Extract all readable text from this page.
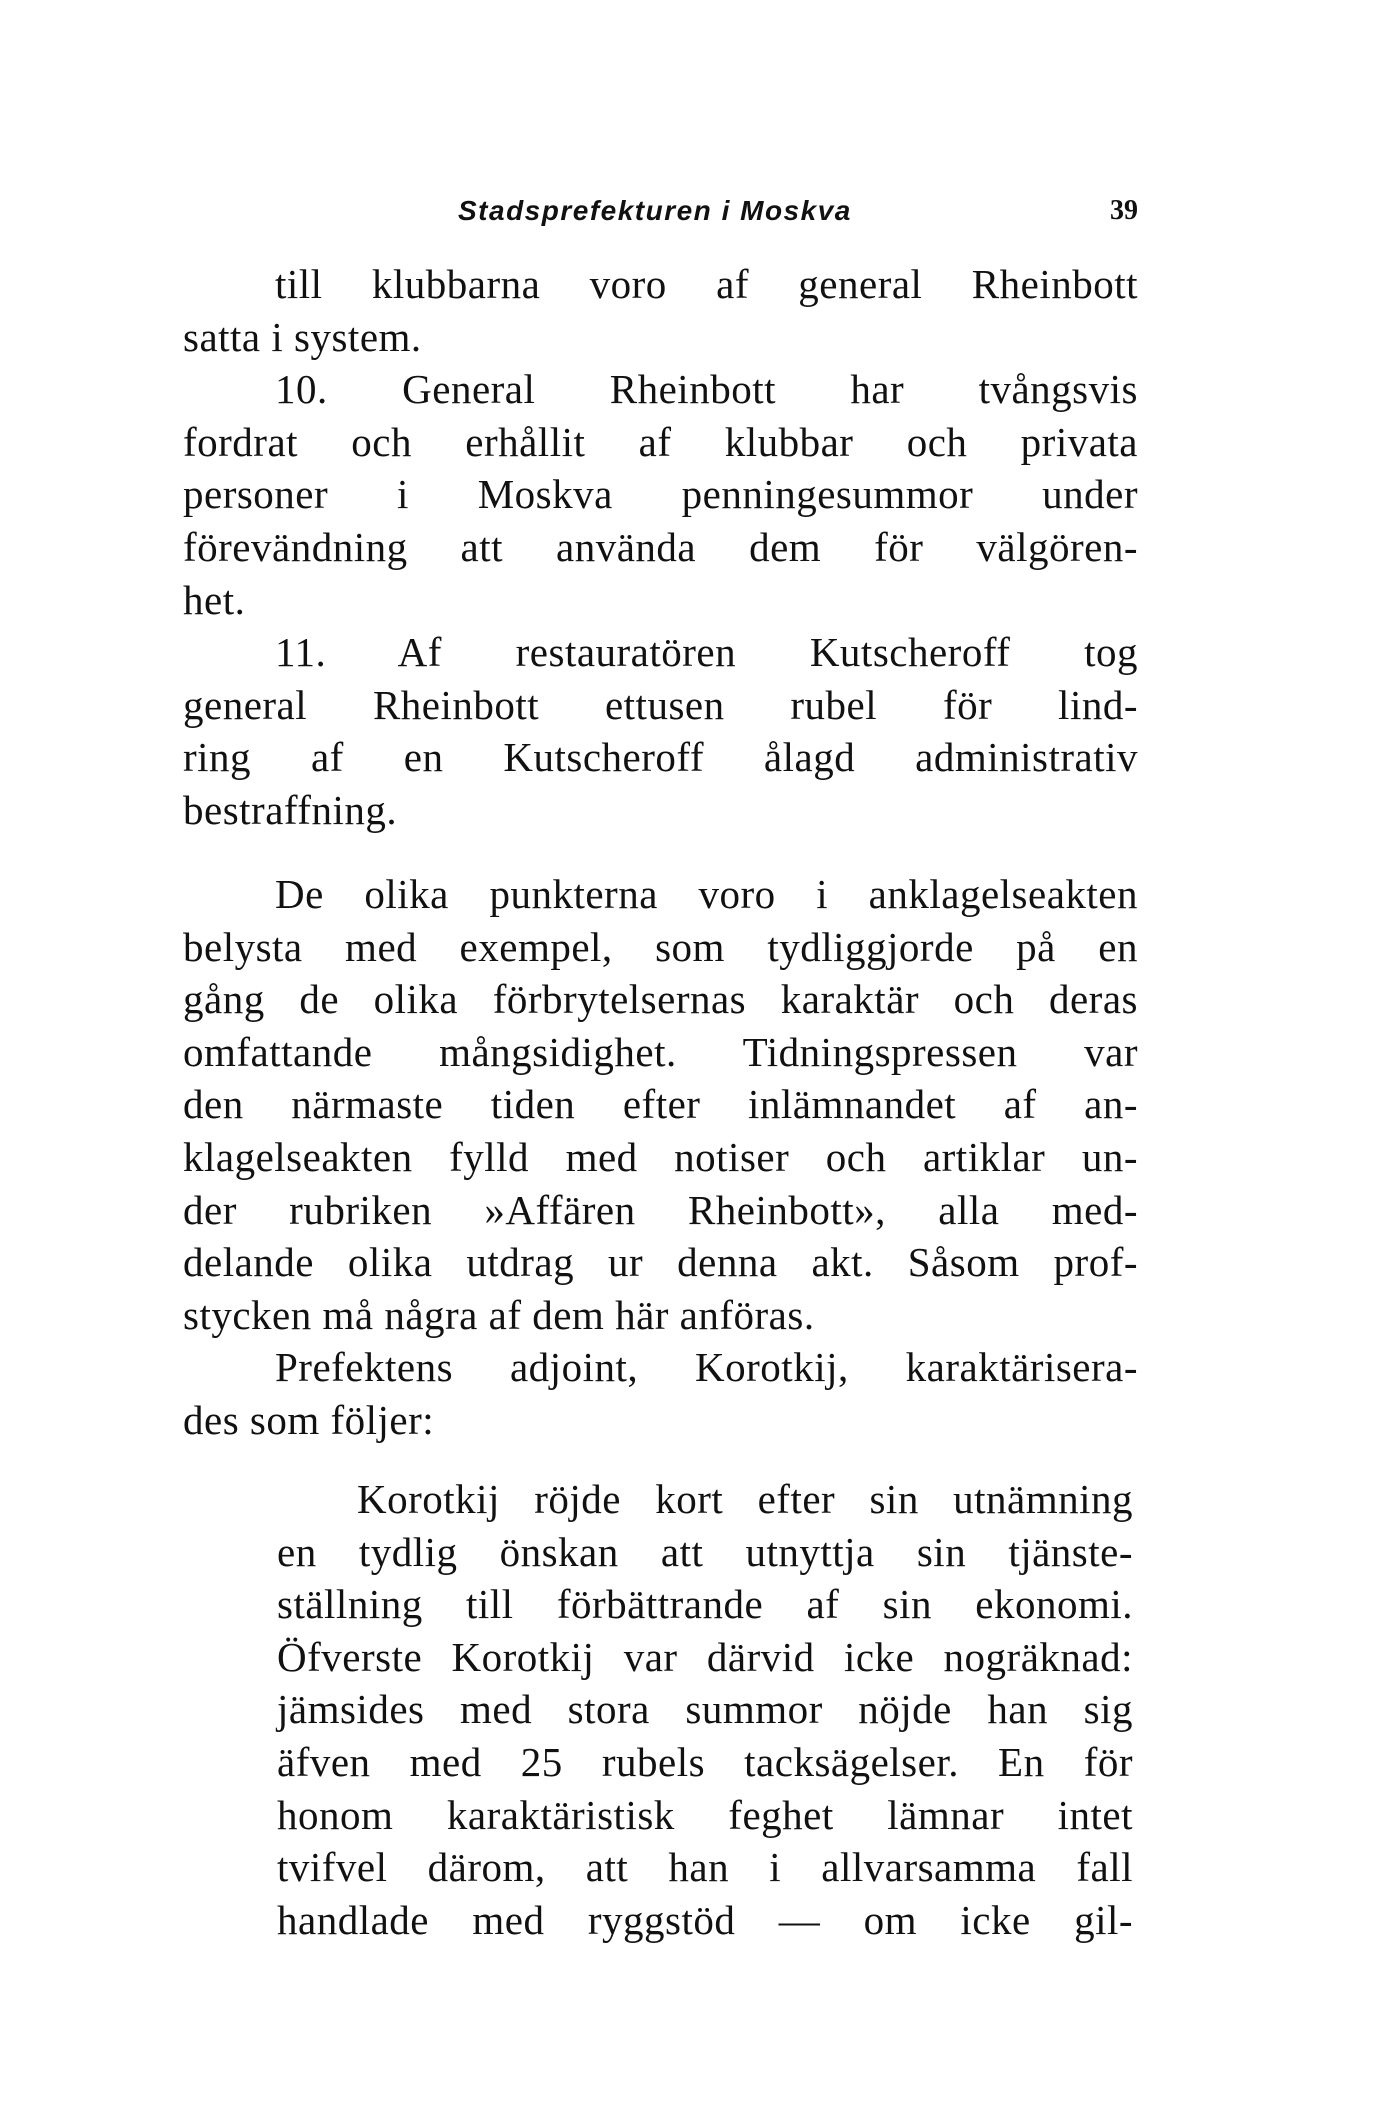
Stadsprefekturen i Moskva	39
till klubbarna voro af general Rheinbott
satta i system.
10. General Rheinbott har tvångsvis
fordrat och erhållit af klubbar och privata
personer i Moskva penningesummor under
förevändning att använda dem för välgören-
het.
11. Af restauratören Kutscheroff tog
general Rheinbott ettusen rubel för lind-
ring af en Kutscheroff ålagd administrativ
bestraffning.
De olika punkterna voro i anklagelseakten
belysta med exempel, som tydliggjorde på en
gång de olika förbrytelsernas karaktär och deras
omfattande mångsidighet. Tidningspressen var
den närmaste tiden efter inlämnandet af an-
klagelseakten fylld med notiser och artiklar un-
der rubriken »Affären Rheinbott», alla med-
delande olika utdrag ur denna akt. Såsom prof-
stycken må några af dem här anföras.
Prefektens adjoint, Korotkij, karaktärisera-
des som följer:
Korotkij röjde kort efter sin utnämning
en tydlig önskan att utnyttja sin tjänste-
ställning till förbättrande af sin ekonomi.
Öfverste Korotkij var därvid icke nogräknad:
jämsides med stora summor nöjde han sig
äfven med 25 rubels tacksägelser. En för
honom karaktäristisk feghet lämnar intet
tvifvel därom, att han i allvarsamma fall
handlade med ryggstöd — om icke gil-
